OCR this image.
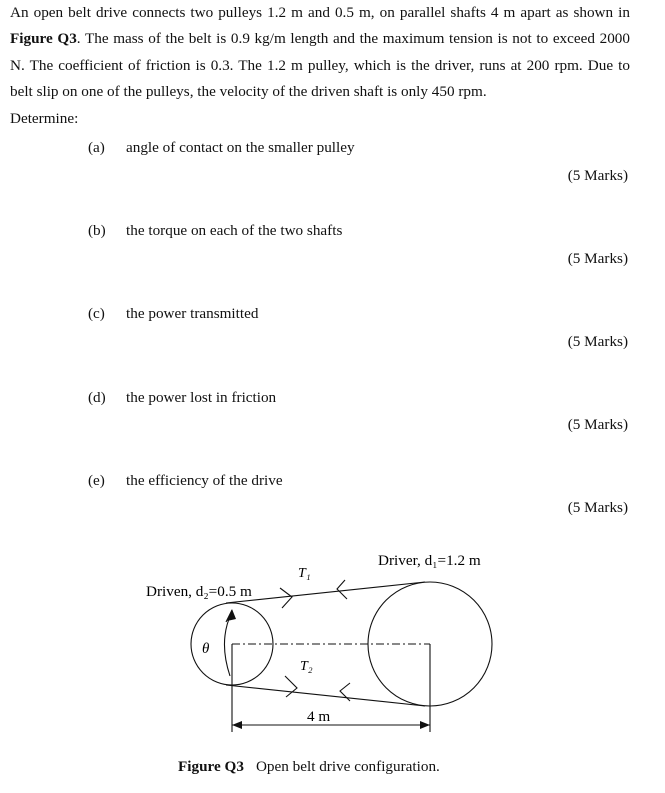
An open belt drive connects two pulleys 1.2 m and 0.5 m, on parallel shafts 4 m apart as shown in Figure Q3. The mass of the belt is 0.9 kg/m length and the maximum tension is not to exceed 2000 N. The coefficient of friction is 0.3. The 1.2 m pulley, which is the driver, runs at 200 rpm. Due to belt slip on one of the pulleys, the velocity of the driven shaft is only 450 rpm.
Determine:
(a) angle of contact on the smaller pulley
(5 Marks)
(b) the torque on each of the two shafts
(5 Marks)
(c) the power transmitted
(5 Marks)
(d) the power lost in friction
(5 Marks)
(e) the efficiency of the drive
(5 Marks)
Driver, d₁=1.2 m
Driven, d₂=0.5 m
T₁
T₂
θ
4 m
Figure Q3 Open belt drive configuration.
